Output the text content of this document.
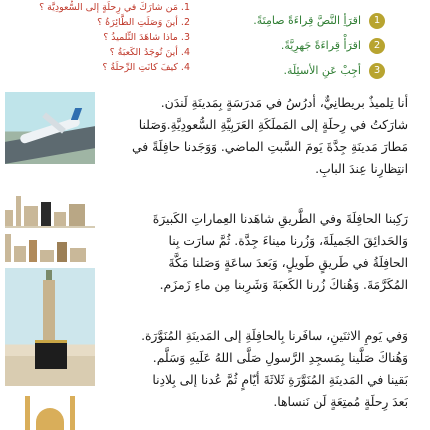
1. مَن شارَكَ في رِحلَةٍ إلى السُّعودِيَّة ؟
2. أينَ وَصَلَتِ الطَّائِرَةُ ؟
3. ماذا شاهَدَ التِّلميذُ ؟
4. أينَ تُوجَدُ الكَعبَةُ ؟
4. كيفَ كانَتِ الرِّحلَةُ ؟
1
اقرَأِ النَّصَّ قِراءَةً صامِتَةً.
2
اقرَأْ قِراءَةً جَهرِيَّةً.
3
أجِبْ عَنِ الأسئِلَة.
أنا تِلميذٌ بريطانِيٌّ، أدرُسُ في مَدرَسَةٍ بِمَدينَةِ لَندَن.
شارَكتُ في رِحلَةٍ إلى المَملَكَةِ العَرَبِيَّةِ السُّعودِيَّةِ.وَصَلنا
مَطارَ مَدينَةِ جِدَّةَ يَومَ السَّبتِ الماضي. وَوَجَدنا حافِلَةً في
انتِظارِنا عِندَ البابِ.
رَكِبنا الحافِلَةَ وفي الطَّريقِ شاهَدنا العِماراتِ الكَبيرَةَ
وَالحَدائِقَ الجَميلَةَ، وَزُرنا ميناءَ جِدَّة. ثُمَّ سارَت بِنا
الحافِلَةُ في طَريقٍ طَويلٍ، وَبَعدَ ساعَةٍ وَصَلنا مَكَّةَ
المُكَرَّمَةَ. وَهُناكَ زُرنا الكَعبَةَ وَشَرِبنا مِن ماءِ زَمزَم.
وَفي يَومِ الاثنَينِ، سافَرنا بِالحافِلَةِ إلى المَدينَةِ المُنَوَّرَة.
وَهُناكَ صَلَّينا بِمَسجِدِ الرَّسولِ صَلَّى اللهُ عَلَيهِ وَسَلَّم.
بَقينا في المَدينَةِ المُنَوَّرَةِ ثَلاثَةَ أيّامٍ ثُمَّ عُدنا إلى بِلادِنا
بَعدَ رِحلَةٍ مُمتِعَةٍ لَن نَنساها.
